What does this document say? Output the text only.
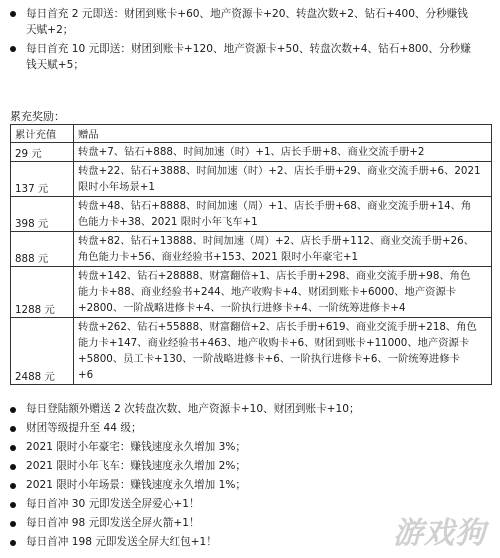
每日首充 2 元即送：财团到账卡+60、地产资源卡+20、转盘次数+2、钻石+400、分秒赚钱
天赋+2；
每日首充 10 元即送：财团到账卡+120、地产资源卡+50、转盘次数+4、钻石+800、分秒赚
钱天赋+5；
累充奖励：
累计充值	赠品
29 元	转盘+7、钻石+888、时间加速（时）+1、店长手册+8、商业交流手册+2

137 元	转盘+22、钻石+3888、时间加速（时）+2、店长手册+29、商业交流手册+6、2021
限时小年场景+1

398 元	转盘+48、钻石+8888、时间加速（周）+1、店长手册+68、商业交流手册+14、角
色能力卡+38、2021 限时小年飞车+1

888 元	转盘+82、钻石+13888、时间加速（周）+2、店长手册+112、商业交流手册+26、
角色能力卡+56、商业经验书+153、2021 限时小年豪宅+1

1288 元	转盘+142、钻石+28888、财富翻倍+1、店长手册+298、商业交流手册+98、角色
能力卡+88、商业经验书+244、地产收购卡+4、财团到账卡+6000、地产资源卡
+2800、一阶战略进修卡+4、一阶执行进修卡+4、一阶统筹进修卡+4

2488 元	转盘+262、钻石+55888、财富翻倍+2、店长手册+619、商业交流手册+218、角色
能力卡+147、商业经验书+463、地产收购卡+6、财团到账卡+11000、地产资源卡
+5800、员工卡+130、一阶战略进修卡+6、一阶执行进修卡+6、一阶统筹进修卡
+6
每日登陆额外赠送 2 次转盘次数、地产资源卡+10、财团到账卡+10；
财团等级提升至 44 级；
2021 限时小年豪宅：赚钱速度永久增加 3%；
2021 限时小年飞车：赚钱速度永久增加 2%；
2021 限时小年场景：赚钱速度永久增加 1%；
每日首冲 30 元即发送全屏爱心+1！
每日首冲 98 元即发送全屏火箭+1！
每日首冲 198 元即发送全屏大红包+1！	游戏狗
